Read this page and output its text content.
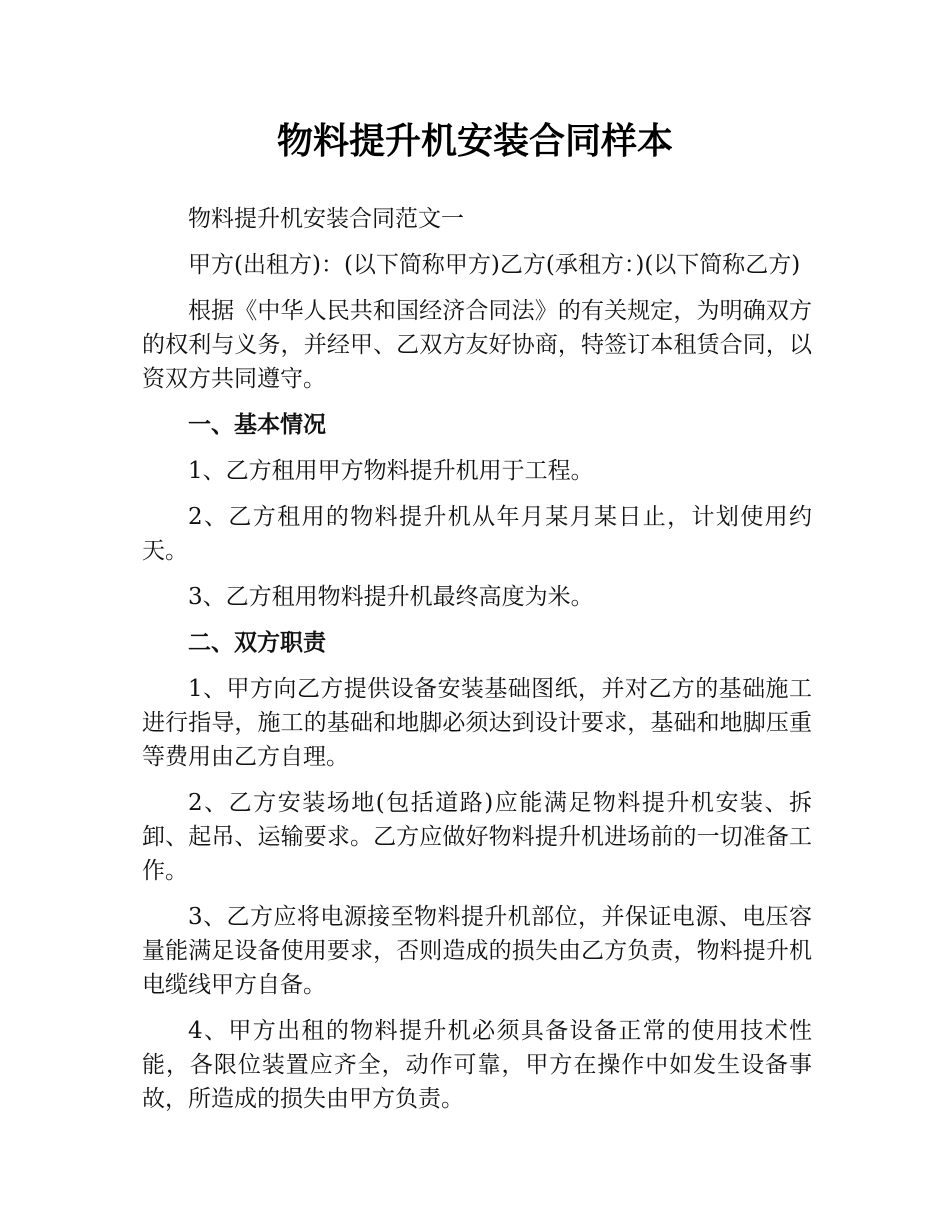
物料提升机安装合同样本

物料提升机安装合同范文一

甲方(出租方)：(以下简称甲方)乙方(承租方：)(以下简称乙方)

根据《中华人民共和国经济合同法》的有关规定，为明确双方的权利与义务，并经甲、乙双方友好协商，特签订本租赁合同，以资双方共同遵守。

一、基本情况

1、乙方租用甲方物料提升机用于工程。

2、乙方租用的物料提升机从年月某月某日止，计划使用约天。

3、乙方租用物料提升机最终高度为米。

二、双方职责

1、甲方向乙方提供设备安装基础图纸，并对乙方的基础施工进行指导，施工的基础和地脚必须达到设计要求，基础和地脚压重等费用由乙方自理。

2、乙方安装场地(包括道路)应能满足物料提升机安装、拆卸、起吊、运输要求。乙方应做好物料提升机进场前的一切准备工作。

3、乙方应将电源接至物料提升机部位，并保证电源、电压容量能满足设备使用要求，否则造成的损失由乙方负责，物料提升机电缆线甲方自备。

4、甲方出租的物料提升机必须具备设备正常的使用技术性能，各限位装置应齐全，动作可靠，甲方在操作中如发生设备事故，所造成的损失由甲方负责。
